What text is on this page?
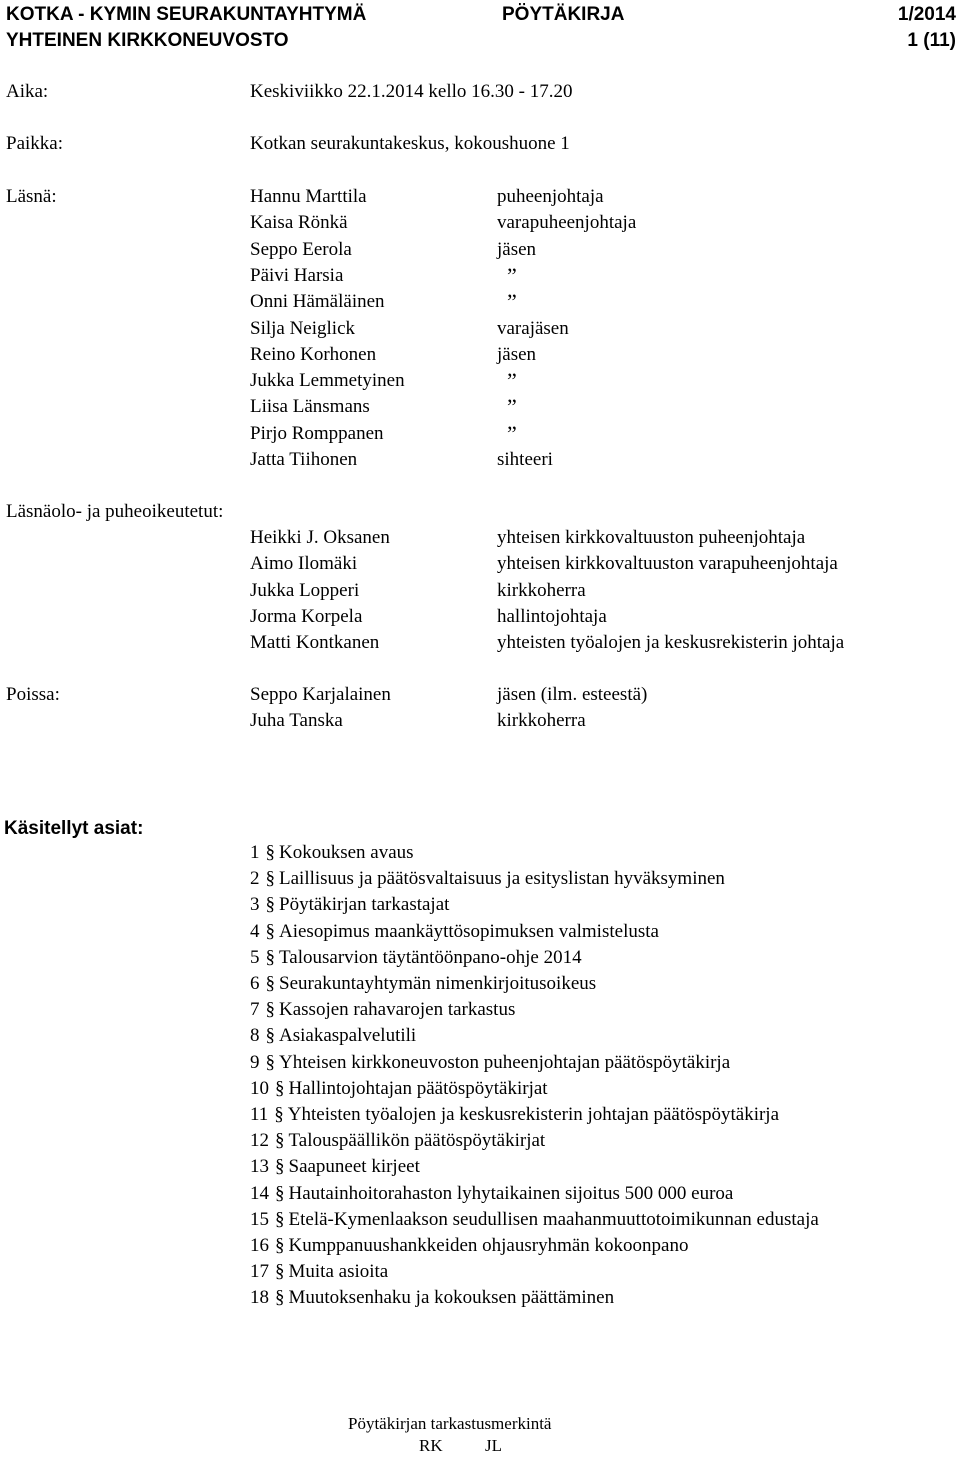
KOTKA - KYMIN SEURAKUNTAYHTYMÄ	PÖYTÄKIRJA	1/2014
YHTEINEN KIRKKONEUVOSTO	1 (11)
Aika:	Keskiviikko 22.1.2014 kello 16.30 - 17.20
Paikka:	Kotkan seurakuntakeskus, kokoushuone 1
Läsnä:	Hannu Marttila	puheenjohtaja
Kaisa Rönkä	varapuheenjohtaja
Seppo Eerola	jäsen
Päivi Harsia	”
Onni Hämäläinen	”
Silja Neiglick	varajäsen
Reino Korhonen	jäsen
Jukka Lemmetyinen	”
Liisa Länsmans	”
Pirjo Romppanen	”
Jatta Tiihonen	sihteeri
Läsnäolo- ja puheoikeutetut:
Heikki J. Oksanen	yhteisen kirkkovaltuuston puheenjohtaja
Aimo Ilomäki	yhteisen kirkkovaltuuston varapuheenjohtaja
Jukka Lopperi	kirkkoherra
Jorma Korpela	hallintojohtaja
Matti Kontkanen	yhteisten työalojen ja keskusrekisterin johtaja
Poissa:	Seppo Karjalainen	jäsen (ilm. esteestä)
Juha Tanska	kirkkoherra
Käsitellyt asiat:
1 § Kokouksen avaus
2 § Laillisuus ja päätösvaltaisuus ja esityslistan hyväksyminen
3 § Pöytäkirjan tarkastajat
4 § Aiesopimus maankäyttösopimuksen valmistelusta
5 § Talousarvion täytäntöönpano-ohje 2014
6 § Seurakuntayhtymän nimenkirjoitusoikeus
7 § Kassojen rahavarojen tarkastus
8 § Asiakaspalvelutili
9 § Yhteisen kirkkoneuvoston puheenjohtajan päätöspöytäkirja
10 § Hallintojohtajan päätöspöytäkirjat
11 § Yhteisten työalojen ja keskusrekisterin johtajan päätöspöytäkirja
12 § Talouspäällikön päätöspöytäkirjat
13 § Saapuneet kirjeet
14 § Hautainhoitorahaston lyhytaikainen sijoitus 500 000 euroa
15 § Etelä-Kymenlaakson seudullisen maahanmuuttotoimikunnan edustaja
16 § Kumppanuushankkeiden ohjausryhmän kokoonpano
17 § Muita asioita
18 § Muutoksenhaku ja kokouksen päättäminen
Pöytäkirjan tarkastusmerkintä
RK JL
